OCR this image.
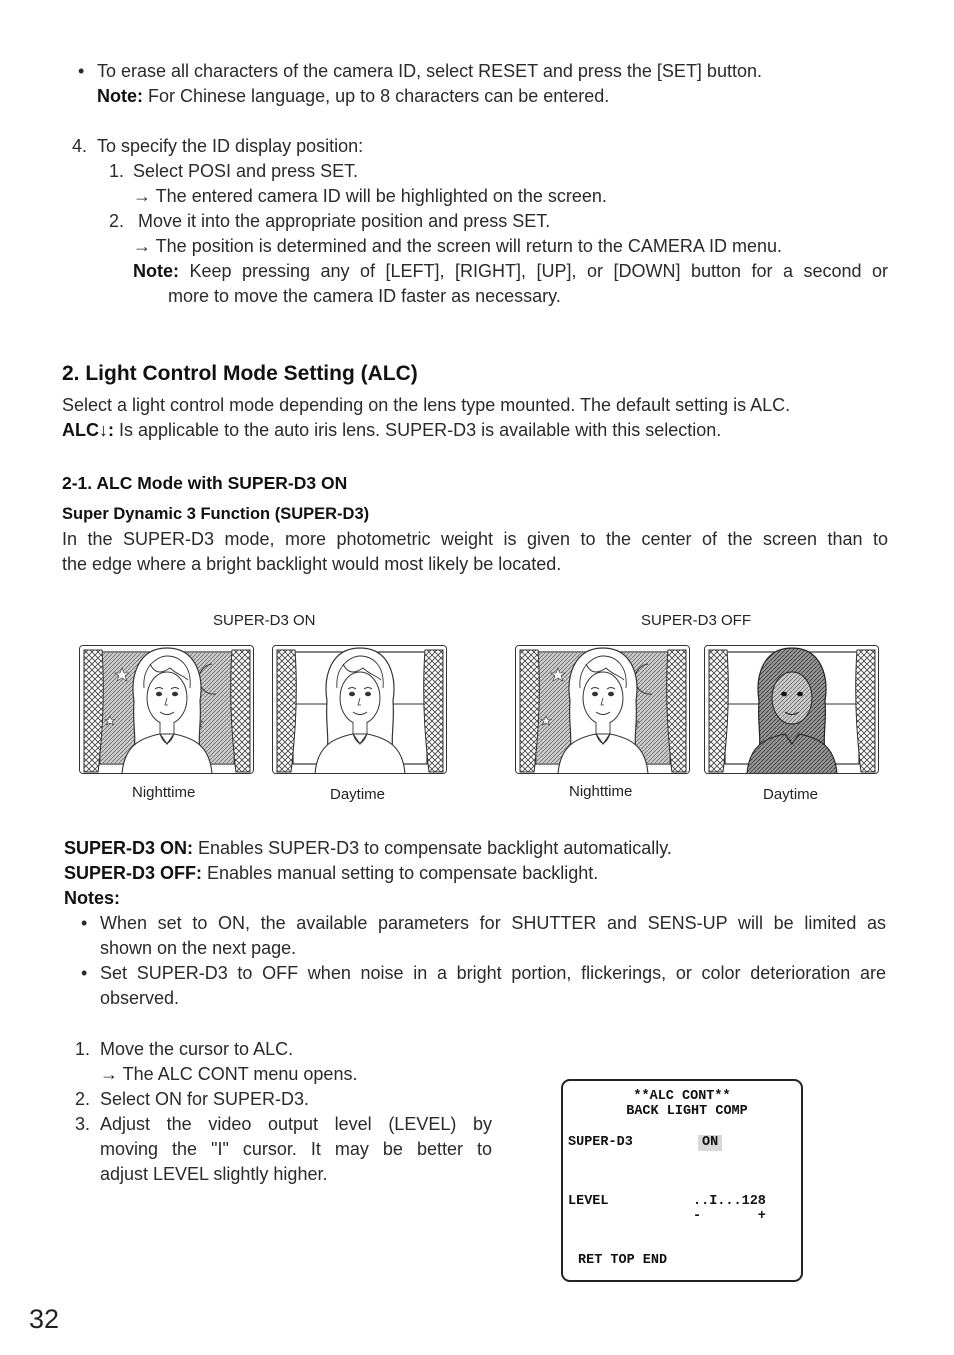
• To erase all characters of the camera ID, select RESET and press the [SET] button.
Note: For Chinese language, up to 8 characters can be entered.
4. To specify the ID display position:
1. Select POSI and press SET.
→ The entered camera ID will be highlighted on the screen.
2. Move it into the appropriate position and press SET.
→ The position is determined and the screen will return to the CAMERA ID menu.
Note: Keep pressing any of [LEFT], [RIGHT], [UP], or [DOWN] button for a second or
more to move the camera ID faster as necessary.
2. Light Control Mode Setting (ALC)
Select a light control mode depending on the lens type mounted. The default setting is ALC.
ALC↓: Is applicable to the auto iris lens. SUPER-D3 is available with this selection.
2-1. ALC Mode with SUPER-D3 ON
Super Dynamic 3 Function (SUPER-D3)
In the SUPER-D3 mode, more photometric weight is given to the center of the screen than to
the edge where a bright backlight would most likely be located.
SUPER-D3 ON	SUPER-D3 OFF
Nighttime	Daytime	Nighttime	Daytime
SUPER-D3 ON: Enables SUPER-D3 to compensate backlight automatically.
SUPER-D3 OFF: Enables manual setting to compensate backlight.
Notes:
• When set to ON, the available parameters for SHUTTER and SENS-UP will be limited as
shown on the next page.
• Set SUPER-D3 to OFF when noise in a bright portion, flickerings, or color deterioration are
observed.
1. Move the cursor to ALC.
→ The ALC CONT menu opens.
2. Select ON for SUPER-D3.
3. Adjust the video output level (LEVEL) by
moving the "I" cursor. It may be better to
adjust LEVEL slightly higher.
**ALC CONT**
BACK LIGHT COMP
SUPER-D3	ON
LEVEL	..I...128
-       +
RET TOP END
32
